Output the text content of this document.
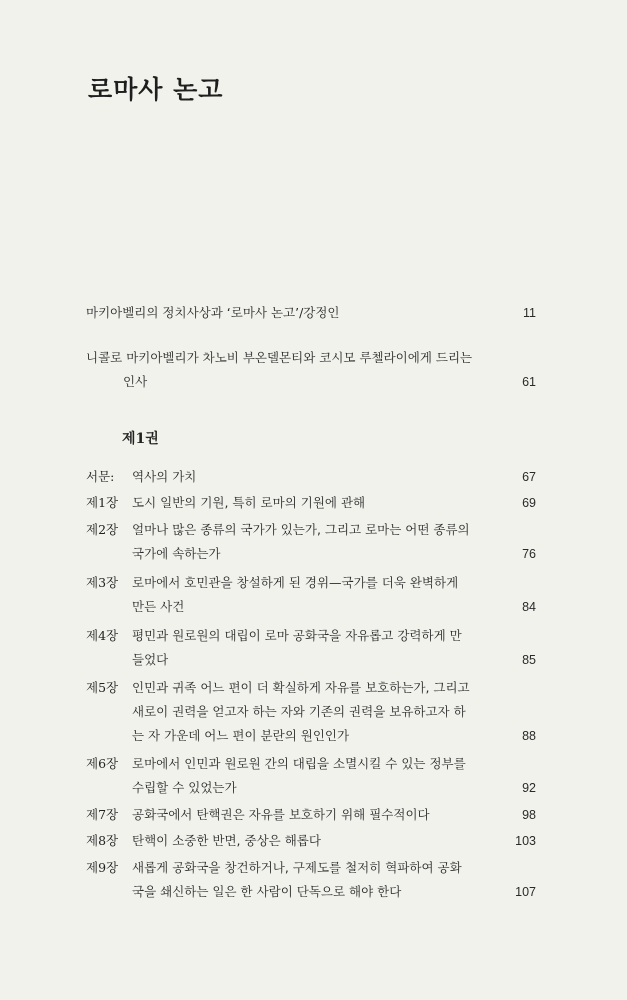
로마사 논고
마키아벨리의 정치사상과 ‘로마사 논고’/강정인	11
니콜로 마키아벨리가 차노비 부온델몬티와 코시모 루첼라이에게 드리는
인사	61
제1권
서문: 역사의 가치	67
제1장 도시 일반의 기원, 특히 로마의 기원에 관해	69
제2장 얼마나 많은 종류의 국가가 있는가, 그리고 로마는 어떤 종류의
국가에 속하는가	76
제3장 로마에서 호민관을 창설하게 된 경위—국가를 더욱 완벽하게
만든 사건	84
제4장 평민과 원로원의 대립이 로마 공화국을 자유롭고 강력하게 만
들었다	85
제5장 인민과 귀족 어느 편이 더 확실하게 자유를 보호하는가, 그리고
새로이 권력을 얻고자 하는 자와 기존의 권력을 보유하고자 하
는 자 가운데 어느 편이 분란의 원인인가	88
제6장 로마에서 인민과 원로원 간의 대립을 소멸시킬 수 있는 정부를
수립할 수 있었는가	92
제7장 공화국에서 탄핵권은 자유를 보호하기 위해 필수적이다	98
제8장 탄핵이 소중한 반면, 중상은 해롭다	103
제9장 새롭게 공화국을 창건하거나, 구제도를 철저히 혁파하여 공화
국을 쇄신하는 일은 한 사람이 단독으로 해야 한다	107
